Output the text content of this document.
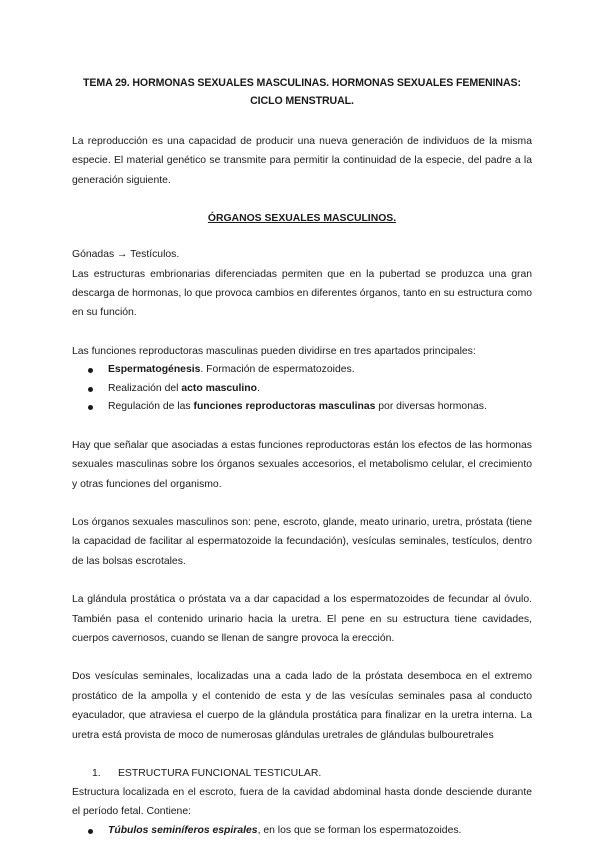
TEMA 29. HORMONAS SEXUALES MASCULINAS. HORMONAS SEXUALES FEMENINAS: CICLO MENSTRUAL.

La reproducción es una capacidad de producir una nueva generación de individuos de la misma especie. El material genético se transmite para permitir la continuidad de la especie, del padre a la generación siguiente.

ÓRGANOS SEXUALES MASCULINOS.

Gónadas → Testículos.

Las estructuras embrionarias diferenciadas permiten que en la pubertad se produzca una gran descarga de hormonas, lo que provoca cambios en diferentes órganos, tanto en su estructura como en su función.

Las funciones reproductoras masculinas pueden dividirse en tres apartados principales:

Espermatogénesis. Formación de espermatozoides.
Realización del acto masculino.
Regulación de las funciones reproductoras masculinas por diversas hormonas.

Hay que señalar que asociadas a estas funciones reproductoras están los efectos de las hormonas sexuales masculinas sobre los órganos sexuales accesorios, el metabolismo celular, el crecimiento y otras funciones del organismo.

Los órganos sexuales masculinos son: pene, escroto, glande, meato urinario, uretra, próstata (tiene la capacidad de facilitar al espermatozoide la fecundación), vesículas seminales, testículos, dentro de las bolsas escrotales.

La glándula prostática o próstata va a dar capacidad a los espermatozoides de fecundar al óvulo. También pasa el contenido urinario hacia la uretra. El pene en su estructura tiene cavidades, cuerpos cavernosos, cuando se llenan de sangre provoca la erección.

Dos vesículas seminales, localizadas una a cada lado de la próstata desemboca en el extremo prostático de la ampolla y el contenido de esta y de las vesículas seminales pasa al conducto eyaculador, que atraviesa el cuerpo de la glándula prostática para finalizar en la uretra interna. La uretra está provista de moco de numerosas glándulas uretrales de glándulas bulbouretrales

1.	ESTRUCTURA FUNCIONAL TESTICULAR.

Estructura localizada en el escroto, fuera de la cavidad abdominal hasta donde desciende durante el período fetal. Contiene:

Túbulos seminíferos espirales, en los que se forman los espermatozoides.
